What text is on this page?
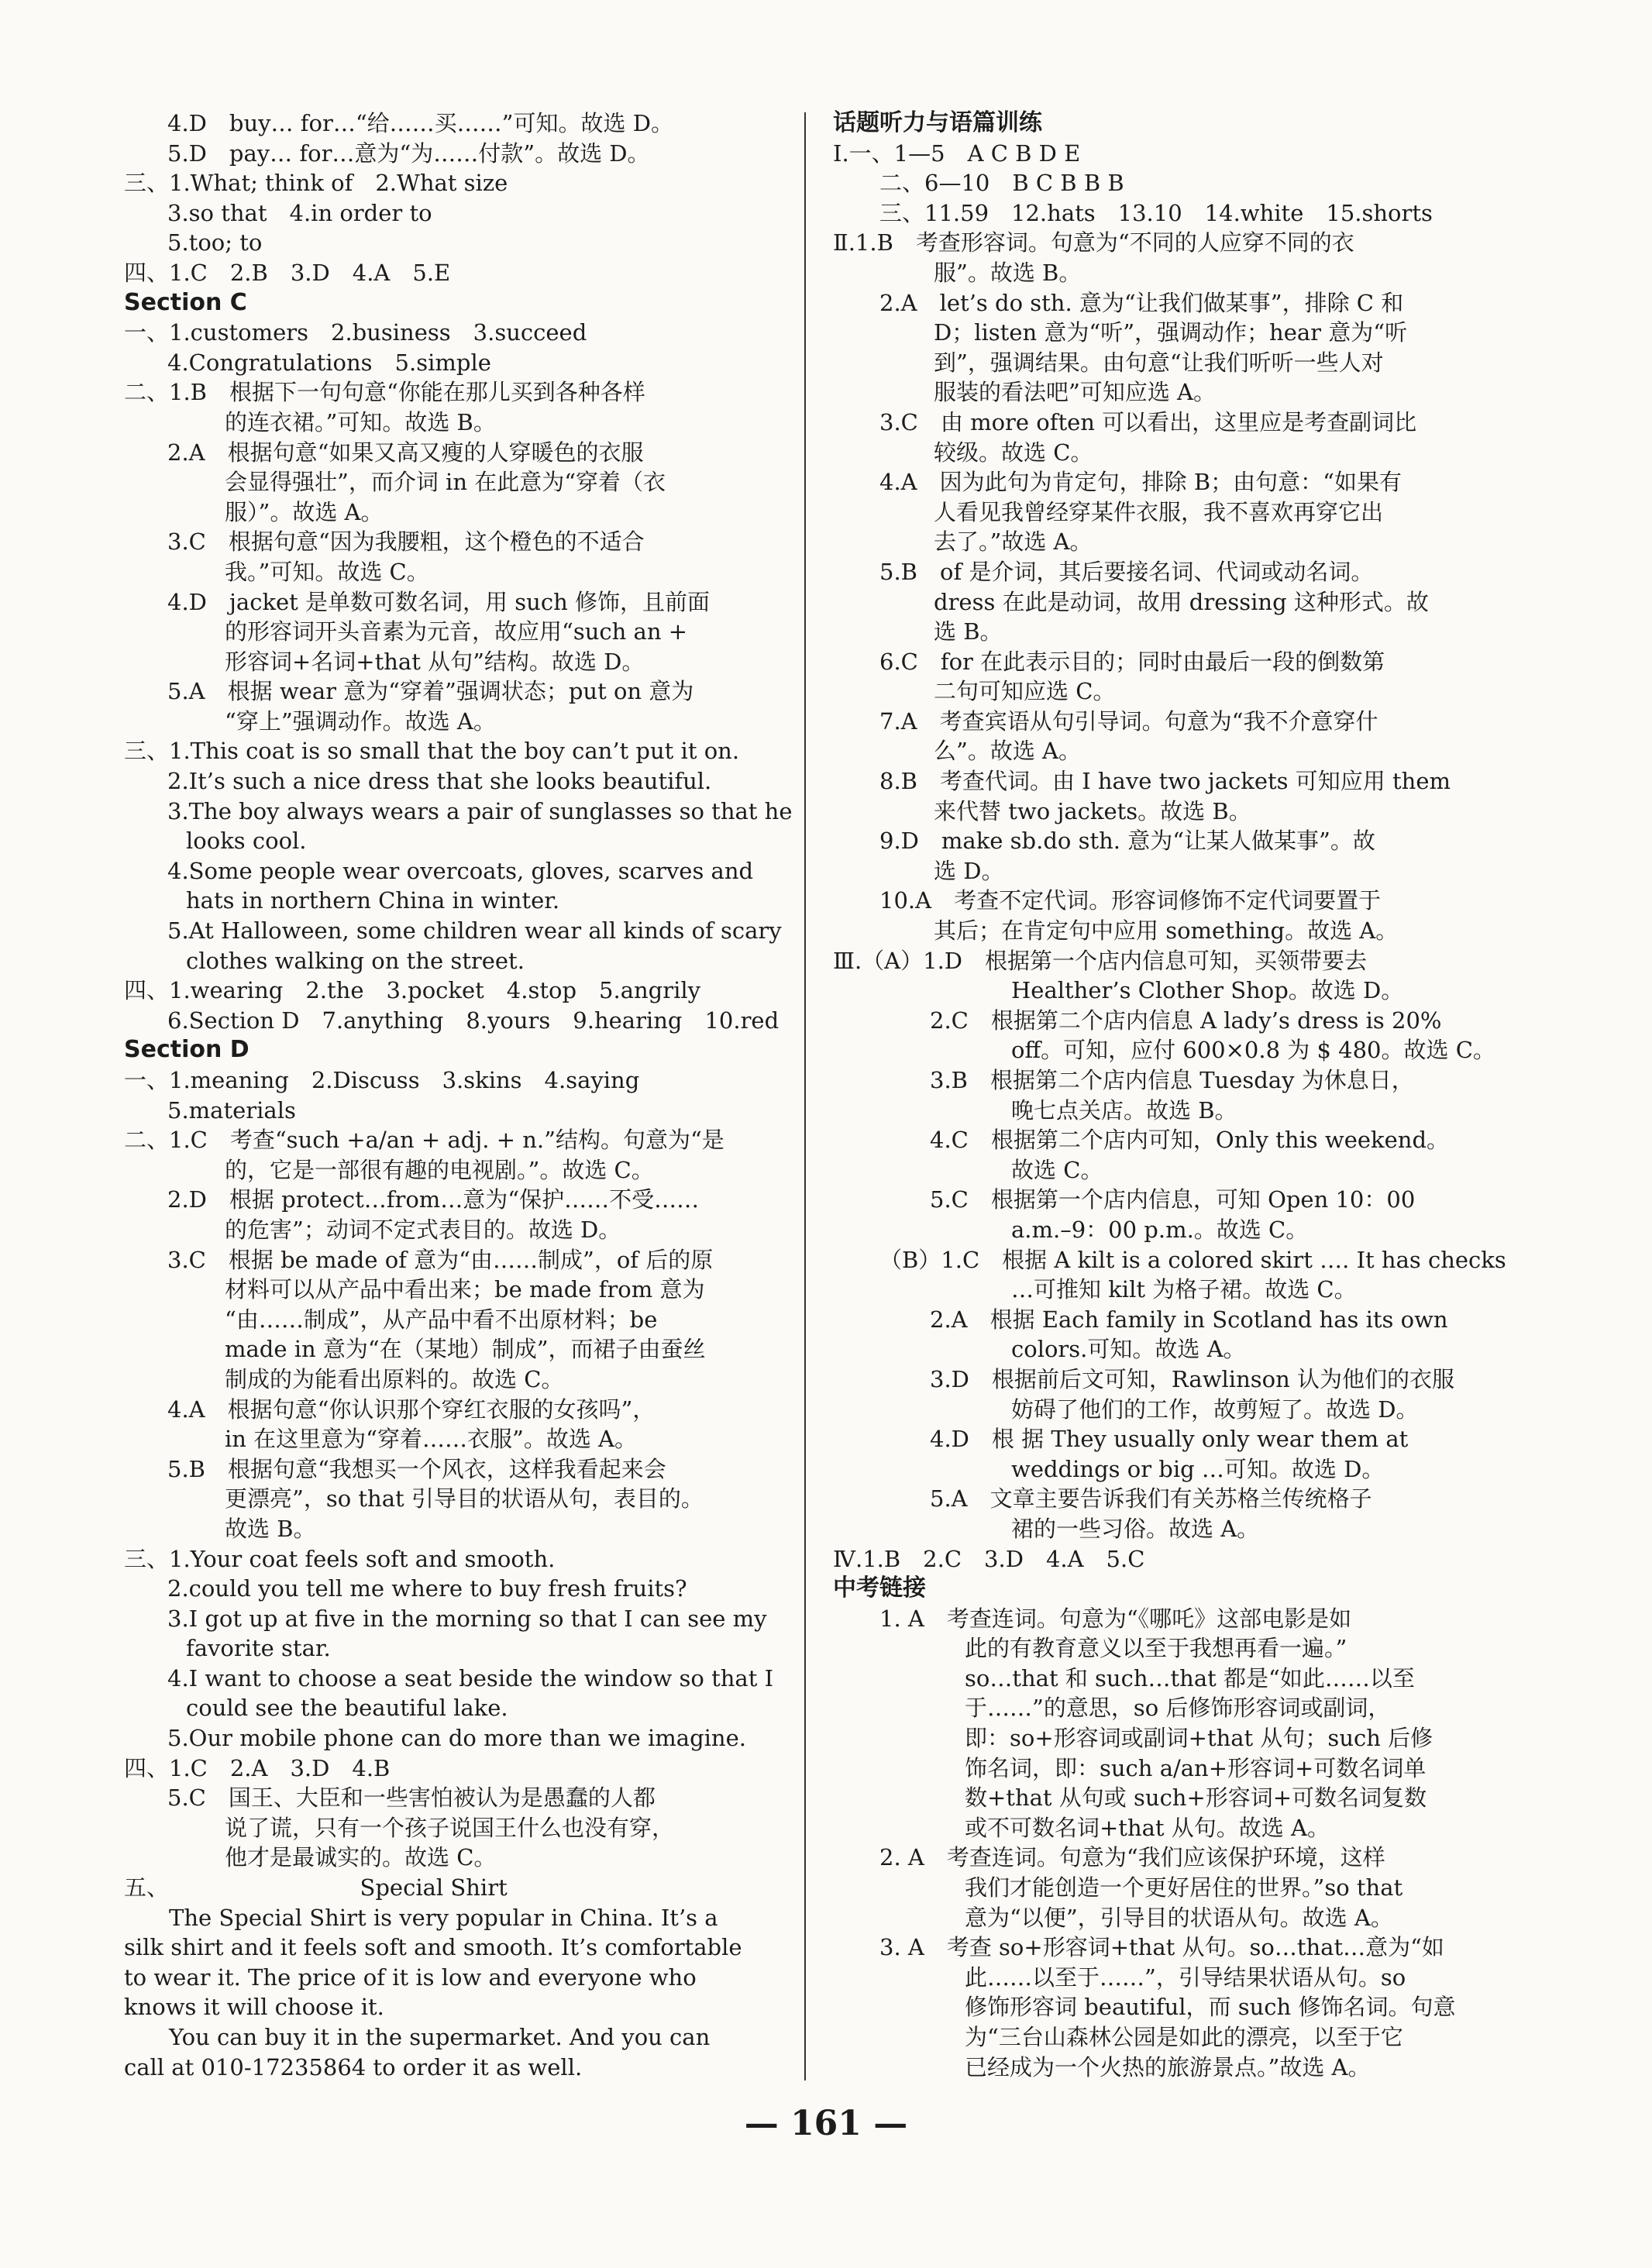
4.D　buy… for…“给……买……”可知。故选 D。
5.D　pay… for…意为“为……付款”。故选 D。
三、1.What; think of　2.What size
3.so that　4.in order to
5.too; to
四、1.C　2.B　3.D　4.A　5.E
Section C
一、1.customers　2.business　3.succeed
4.Congratulations　5.simple
二、1.B　根据下一句句意“你能在那儿买到各种各样
的连衣裙。”可知。故选 B。
2.A　根据句意“如果又高又瘦的人穿暖色的衣服
会显得强壮”，而介词 in 在此意为“穿着（衣
服）”。故选 A。
3.C　根据句意“因为我腰粗，这个橙色的不适合
我。”可知。故选 C。
4.D　jacket 是单数可数名词，用 such 修饰，且前面
的形容词开头音素为元音，故应用“such an +
形容词+名词+that 从句”结构。故选 D。
5.A　根据 wear 意为“穿着”强调状态；put on 意为
“穿上”强调动作。故选 A。
三、1.This coat is so small that the boy can’t put it on.
2.It’s such a nice dress that she looks beautiful.
3.The boy always wears a pair of sunglasses so that he
looks cool.
4.Some people wear overcoats, gloves, scarves and
hats in northern China in winter.
5.At Halloween, some children wear all kinds of scary
clothes walking on the street.
四、1.wearing　2.the　3.pocket　4.stop　5.angrily
6.Section D　7.anything　8.yours　9.hearing　10.red
Section D
一、1.meaning　2.Discuss　3.skins　4.saying
5.materials
二、1.C　考查“such +a/an + adj. + n.”结构。句意为“是
的，它是一部很有趣的电视剧。”。故选 C。
2.D　根据 protect…from…意为“保护……不受……
的危害”；动词不定式表目的。故选 D。
3.C　根据 be made of 意为“由……制成”，of 后的原
材料可以从产品中看出来；be made from 意为
“由……制成”，从产品中看不出原材料；be
made in 意为“在（某地）制成”，而裙子由蚕丝
制成的为能看出原料的。故选 C。
4.A　根据句意“你认识那个穿红衣服的女孩吗”，
in 在这里意为“穿着……衣服”。故选 A。
5.B　根据句意“我想买一个风衣，这样我看起来会
更漂亮”，so that 引导目的状语从句，表目的。
故选 B。
三、1.Your coat feels soft and smooth.
2.could you tell me where to buy fresh fruits?
3.I got up at five in the morning so that I can see my
favorite star.
4.I want to choose a seat beside the window so that I
could see the beautiful lake.
5.Our mobile phone can do more than we imagine.
四、1.C　2.A　3.D　4.B
5.C　国王、大臣和一些害怕被认为是愚蠢的人都
说了谎，只有一个孩子说国王什么也没有穿，
他才是最诚实的。故选 C。
五、　　　　　　　　　Special Shirt
　　The Special Shirt is very popular in China. It’s a
silk shirt and it feels soft and smooth. It’s comfortable
to wear it. The price of it is low and everyone who
knows it will choose it.
　　You can buy it in the supermarket. And you can
call at 010-17235864 to order it as well.
话题听力与语篇训练
Ⅰ.一、1—5　A C B D E
二、6—10　B C B B B
三、11.59　12.hats　13.10　14.white　15.shorts
Ⅱ.1.B　考查形容词。句意为“不同的人应穿不同的衣
服”。故选 B。
2.A　let’s do sth. 意为“让我们做某事”，排除 C 和
D；listen 意为“听”，强调动作；hear 意为“听
到”，强调结果。由句意“让我们听听一些人对
服装的看法吧”可知应选 A。
3.C　由 more often 可以看出，这里应是考查副词比
较级。故选 C。
4.A　因为此句为肯定句，排除 B；由句意：“如果有
人看见我曾经穿某件衣服，我不喜欢再穿它出
去了。”故选 A。
5.B　of 是介词，其后要接名词、代词或动名词。
dress 在此是动词，故用 dressing 这种形式。故
选 B。
6.C　for 在此表示目的；同时由最后一段的倒数第
二句可知应选 C。
7.A　考查宾语从句引导词。句意为“我不介意穿什
么”。故选 A。
8.B　考查代词。由 I have two jackets 可知应用 them
来代替 two jackets。故选 B。
9.D　make sb.do sth. 意为“让某人做某事”。故
选 D。
10.A　考查不定代词。形容词修饰不定代词要置于
其后；在肯定句中应用 something。故选 A。
Ⅲ.（A）1.D　根据第一个店内信息可知，买领带要去
Healther’s Clother Shop。故选 D。
2.C　根据第二个店内信息 A lady’s dress is 20%
off。可知，应付 600×0.8 为 $ 480。故选 C。
3.B　根据第二个店内信息 Tuesday 为休息日，
晚七点关店。故选 B。
4.C　根据第二个店内可知，Only this weekend。
故选 C。
5.C　根据第一个店内信息，可知 Open 10：00
a.m.–9：00 p.m.。故选 C。
（B）1.C　根据 A kilt is a colored skirt …. It has checks
…可推知 kilt 为格子裙。故选 C。
2.A　根据 Each family in Scotland has its own
colors.可知。故选 A。
3.D　根据前后文可知，Rawlinson 认为他们的衣服
妨碍了他们的工作，故剪短了。故选 D。
4.D　根 据 They usually only wear them at
weddings or big …可知。故选 D。
5.A　文章主要告诉我们有关苏格兰传统格子
裙的一些习俗。故选 A。
Ⅳ.1.B　2.C　3.D　4.A　5.C
中考链接
1. A　考查连词。句意为“《哪吒》这部电影是如
此的有教育意义以至于我想再看一遍。”
so…that 和 such…that 都是“如此……以至
于……”的意思，so 后修饰形容词或副词，
即：so+形容词或副词+that 从句；such 后修
饰名词，即：such a/an+形容词+可数名词单
数+that 从句或 such+形容词+可数名词复数
或不可数名词+that 从句。故选 A。
2. A　考查连词。句意为“我们应该保护环境，这样
我们才能创造一个更好居住的世界。”so that
意为“以便”，引导目的状语从句。故选 A。
3. A　考查 so+形容词+that 从句。so…that…意为“如
此……以至于……”，引导结果状语从句。so
修饰形容词 beautiful，而 such 修饰名词。句意
为“三台山森林公园是如此的漂亮，以至于它
已经成为一个火热的旅游景点。”故选 A。
— 161 —
